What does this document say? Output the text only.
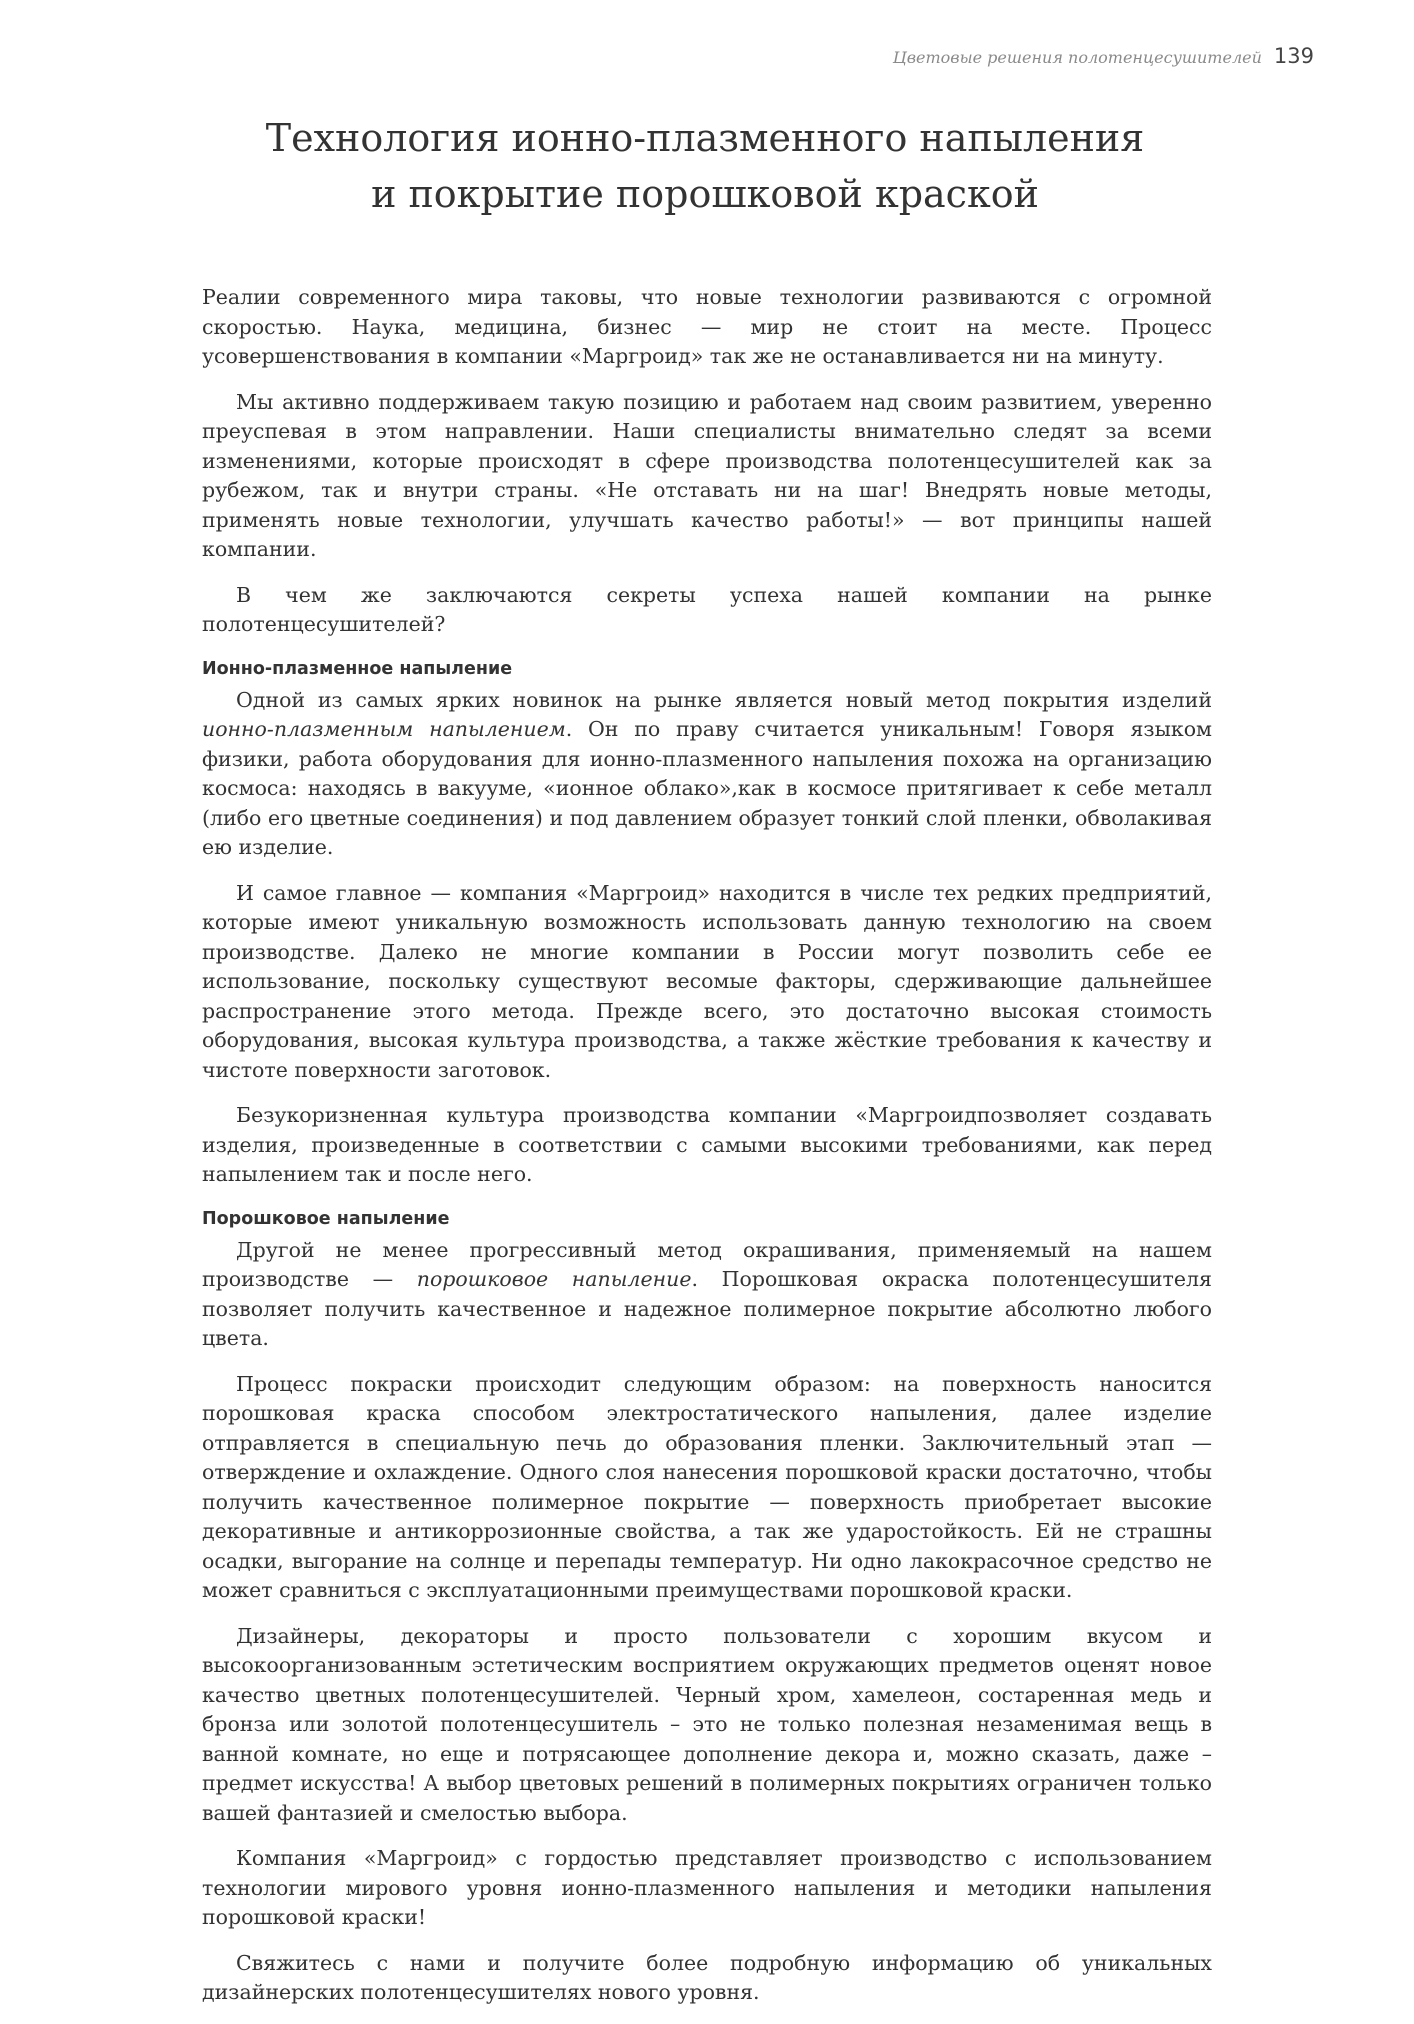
Цветовые решения полотенцесушителей 139
Технология ионно-плазменного напыления
и покрытие порошковой краской

Реалии современного мира таковы, что новые технологии развиваются с огромной скоростью. Наука, медицина, бизнес — мир не стоит на месте. Процесс усовершенствования в компании «Маргроид» так же не останавливается ни на минуту.

Мы активно поддерживаем такую позицию и работаем над своим развитием, уверенно преуспевая в этом направлении. Наши специалисты внимательно следят за всеми изменениями, которые происходят в сфере производства полотенцесушителей как за рубежом, так и внутри страны. «Не отставать ни на шаг! Внедрять новые методы, применять новые технологии, улучшать качество работы!» — вот принципы нашей компании.

В чем же заключаются секреты успеха нашей компании на рынке полотенцесушителей?

Ионно-плазменное напыление

Одной из самых ярких новинок на рынке является новый метод покрытия изделий ионно-плазменным напылением. Он по праву считается уникальным! Говоря языком физики, работа оборудования для ионно-плазменного напыления похожа на организацию космоса: находясь в вакууме, «ионное облако»,как в космосе притягивает к себе металл (либо его цветные соединения) и под давлением образует тонкий слой пленки, обволакивая ею изделие.

И самое главное — компания «Маргроид» находится в числе тех редких предприятий, которые имеют уникальную возможность использовать данную технологию на своем производстве. Далеко не многие компании в России могут позволить себе ее использование, поскольку существуют весомые факторы, сдерживающие дальнейшее распространение этого метода. Прежде всего, это достаточно высокая стоимость оборудования, высокая культура производства, а также жёсткие требования к качеству и чистоте поверхности заготовок.

Безукоризненная культура производства компании «Маргроидпозволяет создавать изделия, произведенные в соответствии с самыми высокими требованиями, как перед напылением так и после него.

Порошковое напыление

Другой не менее прогрессивный метод окрашивания, применяемый на нашем производстве — порошковое напыление. Порошковая окраска полотенцесушителя позволяет получить качественное и надежное полимерное покрытие абсолютно любого цвета.

Процесс покраски происходит следующим образом: на поверхность наносится порошковая краска способом электростатического напыления, далее изделие отправляется в специальную печь до образования пленки. Заключительный этап — отверждение и охлаждение. Одного слоя нанесения порошковой краски достаточно, чтобы получить качественное полимерное покрытие — поверхность приобретает высокие декоративные и антикоррозионные свойства, а так же ударостойкость. Ей не страшны осадки, выгорание на солнце и перепады температур. Ни одно лакокрасочное средство не может сравниться с эксплуатационными преимуществами порошковой краски.

Дизайнеры, декораторы и просто пользователи с хорошим вкусом и высокоорганизованным эстетическим восприятием окружающих предметов оценят новое качество цветных полотенцесушителей. Черный хром, хамелеон, состаренная медь и бронза или золотой полотенцесушитель – это не только полезная незаменимая вещь в ванной комнате, но еще и потрясающее дополнение декора и, можно сказать, даже – предмет искусства! А выбор цветовых решений в полимерных покрытиях ограничен только вашей фантазией и смелостью выбора.

Компания «Маргроид» с гордостью представляет производство с использованием технологии мирового уровня ионно-плазменного напыления и методики напыления порошковой краски!

Свяжитесь с нами и получите более подробную информацию об уникальных дизайнерских полотенцесушителях нового уровня.
